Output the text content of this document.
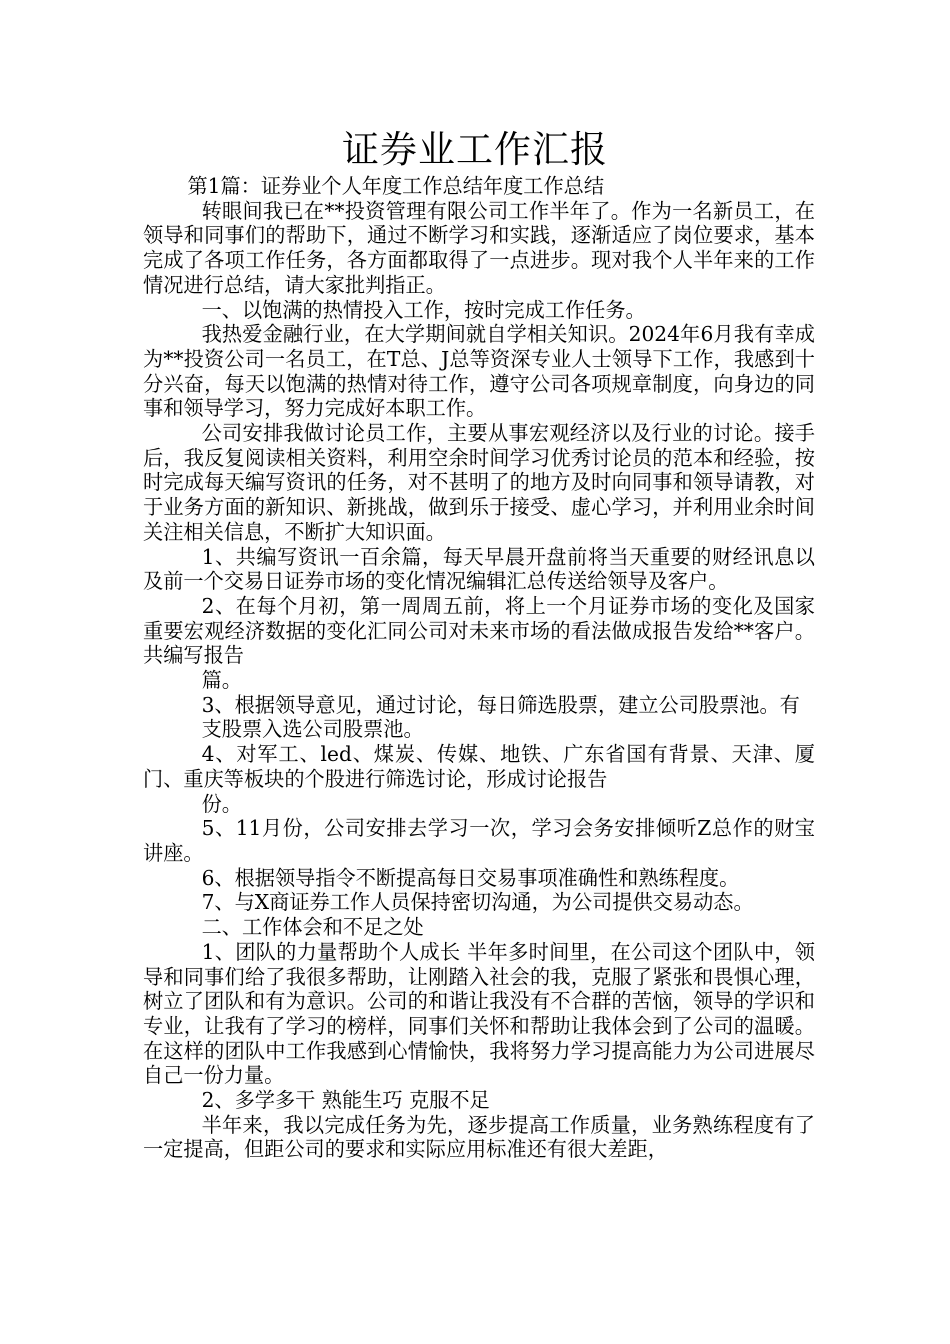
证券业工作汇报

第1篇：证券业个人年度工作总结年度工作总结

转眼间我已在**投资管理有限公司工作半年了。作为一名新员工，在领导和同事们的帮助下，通过不断学习和实践，逐渐适应了岗位要求，基本完成了各项工作任务，各方面都取得了一点进步。现对我个人半年来的工作情况进行总结，请大家批判指正。

一、以饱满的热情投入工作，按时完成工作任务。

我热爱金融行业，在大学期间就自学相关知识。2024年6月我有幸成为**投资公司一名员工，在T总、J总等资深专业人士领导下工作，我感到十分兴奋，每天以饱满的热情对待工作，遵守公司各项规章制度，向身边的同事和领导学习，努力完成好本职工作。

公司安排我做讨论员工作，主要从事宏观经济以及行业的讨论。接手后，我反复阅读相关资料，利用空余时间学习优秀讨论员的范本和经验，按时完成每天编写资讯的任务，对不甚明了的地方及时向同事和领导请教，对于业务方面的新知识、新挑战，做到乐于接受、虚心学习，并利用业余时间关注相关信息，不断扩大知识面。

1、共编写资讯一百余篇，每天早晨开盘前将当天重要的财经讯息以及前一个交易日证券市场的变化情况编辑汇总传送给领导及客户。

2、在每个月初，第一周周五前，将上一个月证券市场的变化及国家重要宏观经济数据的变化汇同公司对未来市场的看法做成报告发给**客户。共编写报告

篇。

3、根据领导意见，通过讨论，每日筛选股票，建立公司股票池。有

支股票入选公司股票池。

4、对军工、led、煤炭、传媒、地铁、广东省国有背景、天津、厦门、重庆等板块的个股进行筛选讨论，形成讨论报告

份。

5、11月份，公司安排去学习一次，学习会务安排倾听Z总作的财宝讲座。

6、根据领导指令不断提高每日交易事项准确性和熟练程度。

7、与X商证券工作人员保持密切沟通，为公司提供交易动态。

二、工作体会和不足之处

1、团队的力量帮助个人成长 半年多时间里，在公司这个团队中，领导和同事们给了我很多帮助，让刚踏入社会的我，克服了紧张和畏惧心理，树立了团队和有为意识。公司的和谐让我没有不合群的苦恼，领导的学识和专业，让我有了学习的榜样，同事们关怀和帮助让我体会到了公司的温暖。在这样的团队中工作我感到心情愉快，我将努力学习提高能力为公司进展尽自己一份力量。

2、多学多干 熟能生巧 克服不足

半年来，我以完成任务为先，逐步提高工作质量，业务熟练程度有了一定提高，但距公司的要求和实际应用标准还有很大差距，
